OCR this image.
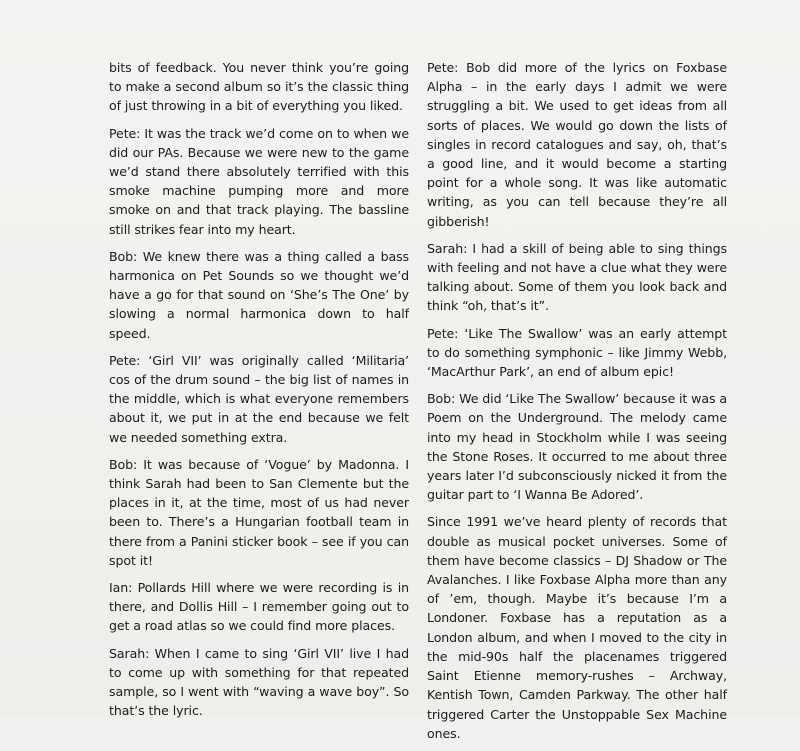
bits of feedback. You never think you’re going to make a second album so it’s the classic thing of just throwing in a bit of everything you liked.

Pete: It was the track we’d come on to when we did our PAs. Because we were new to the game we’d stand there absolutely terrified with this smoke machine pumping more and more smoke on and that track playing. The bassline still strikes fear into my heart.

Bob: We knew there was a thing called a bass harmonica on Pet Sounds so we thought we’d have a go for that sound on ‘She’s The One’ by slowing a normal harmonica down to half speed.

Pete: ‘Girl VII’ was originally called ‘Militaria’ cos of the drum sound – the big list of names in the middle, which is what everyone remembers about it, we put in at the end because we felt we needed something extra.

Bob: It was because of ‘Vogue’ by Madonna. I think Sarah had been to San Clemente but the places in it, at the time, most of us had never been to. There’s a Hungarian football team in there from a Panini sticker book – see if you can spot it!

Ian: Pollards Hill where we were recording is in there, and Dollis Hill – I remember going out to get a road atlas so we could find more places.

Sarah: When I came to sing ‘Girl VII’ live I had to come up with something for that repeated sample, so I went with “waving a wave boy”. So that’s the lyric.

Pete: Bob did more of the lyrics on Foxbase Alpha – in the early days I admit we were struggling a bit. We used to get ideas from all sorts of places. We would go down the lists of singles in record catalogues and say, oh, that’s a good line, and it would become a starting point for a whole song. It was like automatic writing, as you can tell because they’re all gibberish!

Sarah: I had a skill of being able to sing things with feeling and not have a clue what they were talking about. Some of them you look back and think “oh, that’s it”.

Pete: ‘Like The Swallow’ was an early attempt to do something symphonic – like Jimmy Webb, ‘MacArthur Park’, an end of album epic!

Bob: We did ‘Like The Swallow’ because it was a Poem on the Underground. The melody came into my head in Stockholm while I was seeing the Stone Roses. It occurred to me about three years later I’d subconsciously nicked it from the guitar part to ‘I Wanna Be Adored’.

Since 1991 we’ve heard plenty of records that double as musical pocket universes. Some of them have become classics – DJ Shadow or The Avalanches. I like Foxbase Alpha more than any of ’em, though. Maybe it’s because I’m a Londoner. Foxbase has a reputation as a London album, and when I moved to the city in the mid-90s half the placenames triggered Saint Etienne memory-rushes – Archway, Kentish Town, Camden Parkway. The other half triggered Carter the Unstoppable Sex Machine ones.
